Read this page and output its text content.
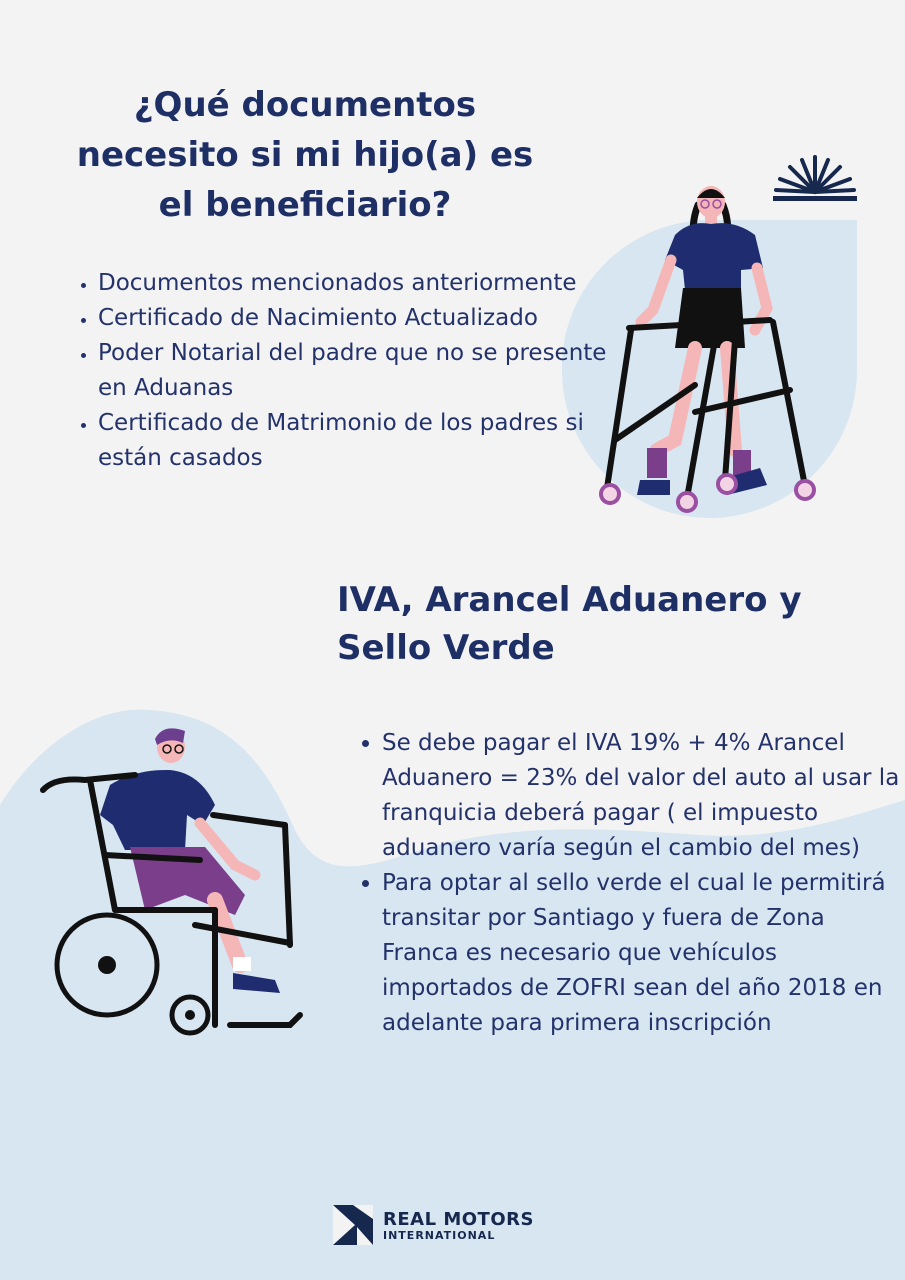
¿Qué documentos necesito si mi hijo(a) es el beneficiario?
• Documentos mencionados anteriormente
• Certificado de Nacimiento Actualizado
• Poder Notarial del padre que no se presente en Aduanas
• Certificado de Matrimonio de los padres si están casados
IVA, Arancel Aduanero y Sello Verde
• Se debe pagar el IVA 19% + 4% Arancel Aduanero = 23% del valor del auto al usar la franquicia deberá pagar ( el impuesto aduanero varía según el cambio del mes)
• Para optar al sello verde el cual le permitirá transitar por Santiago y fuera de Zona Franca es necesario que vehículos importados de ZOFRI sean del año 2018 en adelante para primera inscripción
REAL MOTORS
INTERNATIONAL
